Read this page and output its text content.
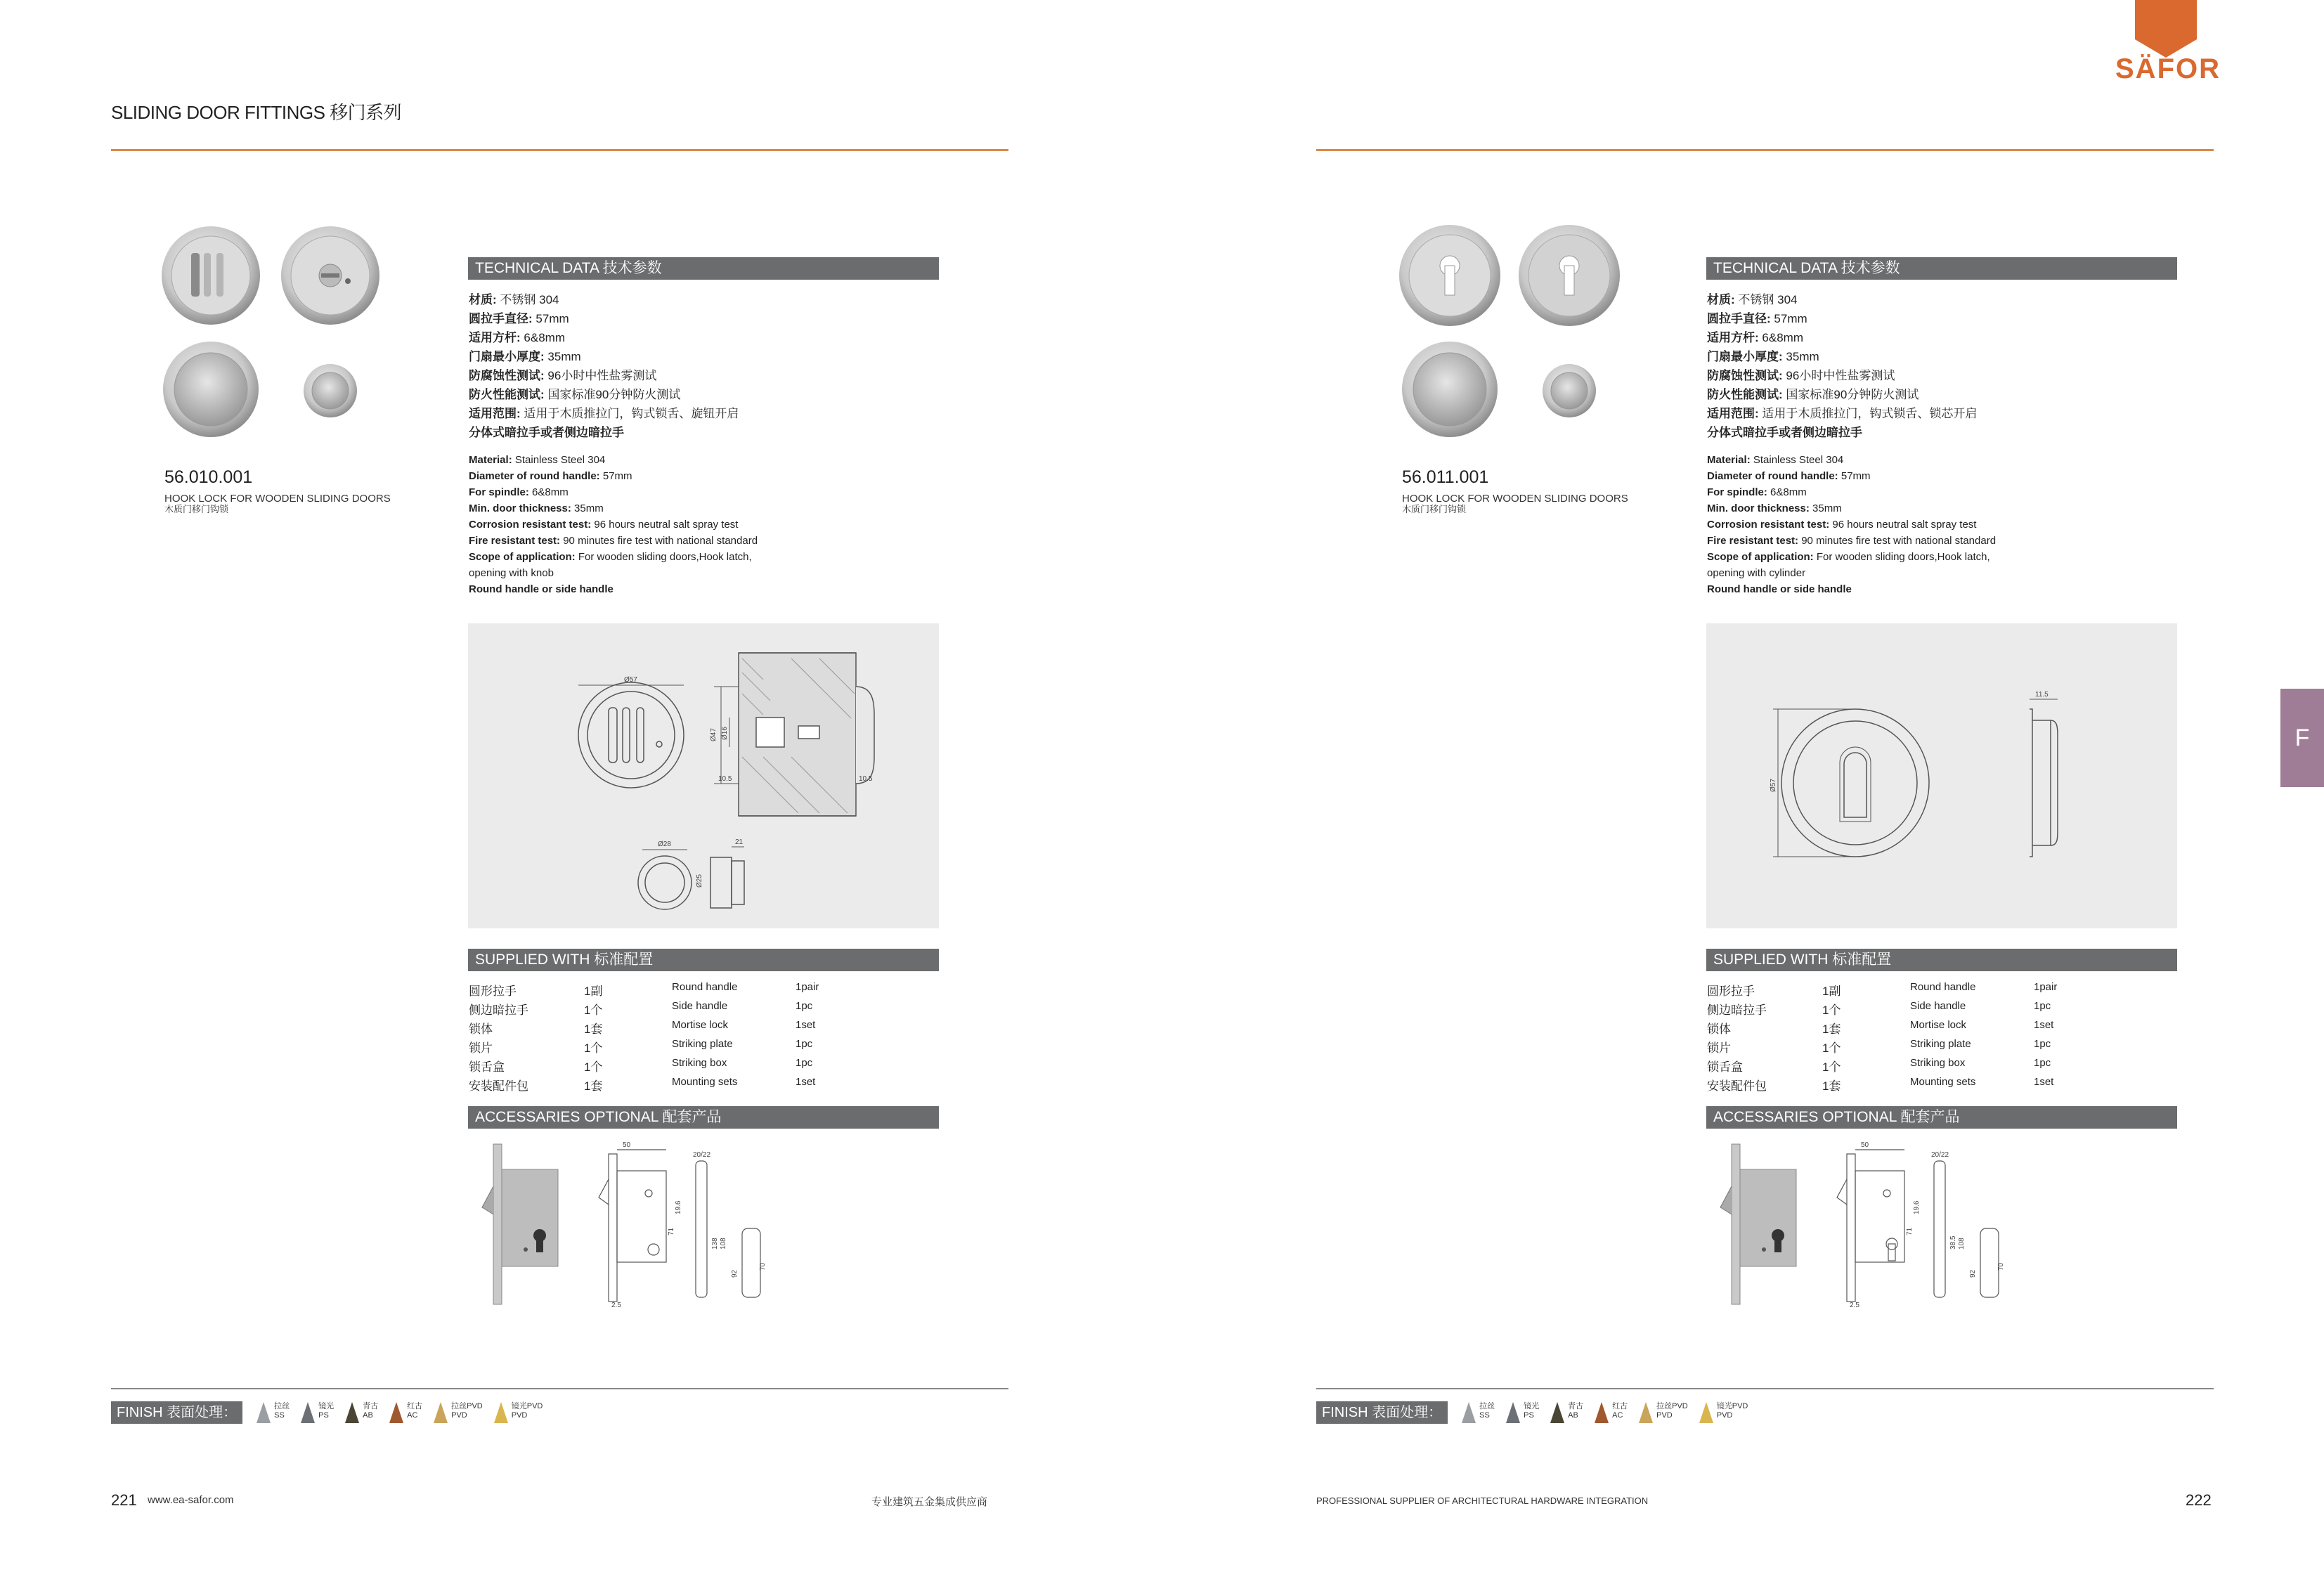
SLIDING DOOR FITTINGS 移门系列
SÄFOR
F
56.010.001
HOOK LOCK FOR WOODEN SLIDING DOORS
木质门移门钩锁
TECHNICAL DATA 技术参数
材质: 不锈钢 304
圆拉手直径: 57mm
适用方杆: 6&8mm
门扇最小厚度: 35mm
防腐蚀性测试: 96小时中性盐雾测试
防火性能测试: 国家标准90分钟防火测试
适用范围: 适用于木质推拉门，钩式锁舌、旋钮开启
分体式暗拉手或者侧边暗拉手
Material: Stainless Steel 304
Diameter of round handle: 57mm
For spindle: 6&8mm
Min. door thickness: 35mm
Corrosion resistant test: 96 hours neutral salt spray test
Fire resistant test: 90 minutes fire test with national standard
Scope of application: For wooden sliding doors,Hook latch,
opening with knob
Round handle or side handle
Ø57
Ø47 Ø16
10.5	10.5
Ø28
Ø25
21
SUPPLIED WITH 标准配置
圆形拉手	1副	Round handle	1pair
侧边暗拉手	1个	Side handle	1pc
锁体	1套	Mortise lock	1set
锁片	1个	Striking plate	1pc
锁舌盒	1个	Striking box	1pc
安装配件包	1套	Mounting sets	1set
ACCESSARIES OPTIONAL 配套产品
50
20/22
19.6
71
138 108
92
70
2.5
FINISH 表面处理：	拉丝
SS
镜光
PS
青古
AB
红古
AC
拉丝PVD
PVD
镜光PVD
PVD
221 www.ea-safor.com	专业建筑五金集成供应商
56.011.001
HOOK LOCK FOR WOODEN SLIDING DOORS
木质门移门钩锁
TECHNICAL DATA 技术参数
材质: 不锈钢 304
圆拉手直径: 57mm
适用方杆: 6&8mm
门扇最小厚度: 35mm
防腐蚀性测试: 96小时中性盐雾测试
防火性能测试: 国家标准90分钟防火测试
适用范围: 适用于木质推拉门，钩式锁舌、锁芯开启
分体式暗拉手或者侧边暗拉手
Material: Stainless Steel 304
Diameter of round handle: 57mm
For spindle: 6&8mm
Min. door thickness: 35mm
Corrosion resistant test: 96 hours neutral salt spray test
Fire resistant test: 90 minutes fire test with national standard
Scope of application: For wooden sliding doors,Hook latch,
opening with cylinder
Round handle or side handle
Ø57
11.5
SUPPLIED WITH 标准配置
圆形拉手	1副	Round handle	1pair
侧边暗拉手	1个	Side handle	1pc
锁体	1套	Mortise lock	1set
锁片	1个	Striking plate	1pc
锁舌盒	1个	Striking box	1pc
安装配件包	1套	Mounting sets	1set
ACCESSARIES OPTIONAL 配套产品
50
20/22
19.6
71
38.5 108
92
70
2.5
FINISH 表面处理：	拉丝
SS
镜光
PS
青古
AB
红古
AC
拉丝PVD
PVD
镜光PVD
PVD
PROFESSIONAL SUPPLIER OF ARCHITECTURAL HARDWARE INTEGRATION	222
